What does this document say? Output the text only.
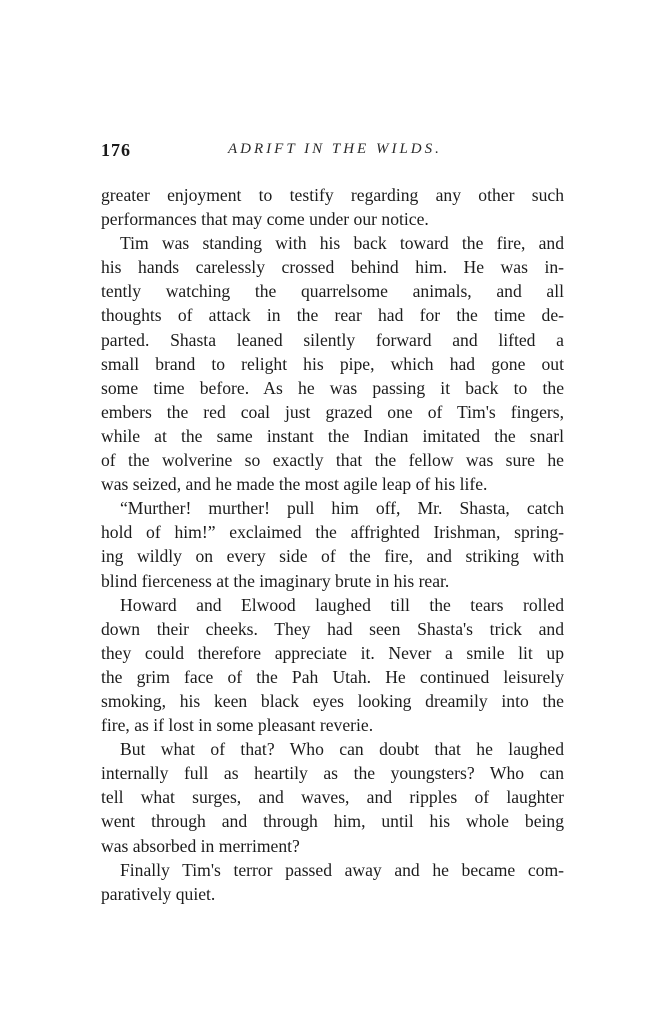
176	ADRIFT IN THE WILDS.
greater enjoyment to testify regarding any other such
performances that may come under our notice.
Tim was standing with his back toward the fire, and
his hands carelessly crossed behind him. He was in-
tently watching the quarrelsome animals, and all
thoughts of attack in the rear had for the time de-
parted. Shasta leaned silently forward and lifted a
small brand to relight his pipe, which had gone out
some time before. As he was passing it back to the
embers the red coal just grazed one of Tim's fingers,
while at the same instant the Indian imitated the snarl
of the wolverine so exactly that the fellow was sure he
was seized, and he made the most agile leap of his life.
“Murther! murther! pull him off, Mr. Shasta, catch
hold of him!” exclaimed the affrighted Irishman, spring-
ing wildly on every side of the fire, and striking with
blind fierceness at the imaginary brute in his rear.
Howard and Elwood laughed till the tears rolled
down their cheeks. They had seen Shasta's trick and
they could therefore appreciate it. Never a smile lit up
the grim face of the Pah Utah. He continued leisurely
smoking, his keen black eyes looking dreamily into the
fire, as if lost in some pleasant reverie.
But what of that? Who can doubt that he laughed
internally full as heartily as the youngsters? Who can
tell what surges, and waves, and ripples of laughter
went through and through him, until his whole being
was absorbed in merriment?
Finally Tim's terror passed away and he became com-
paratively quiet.
